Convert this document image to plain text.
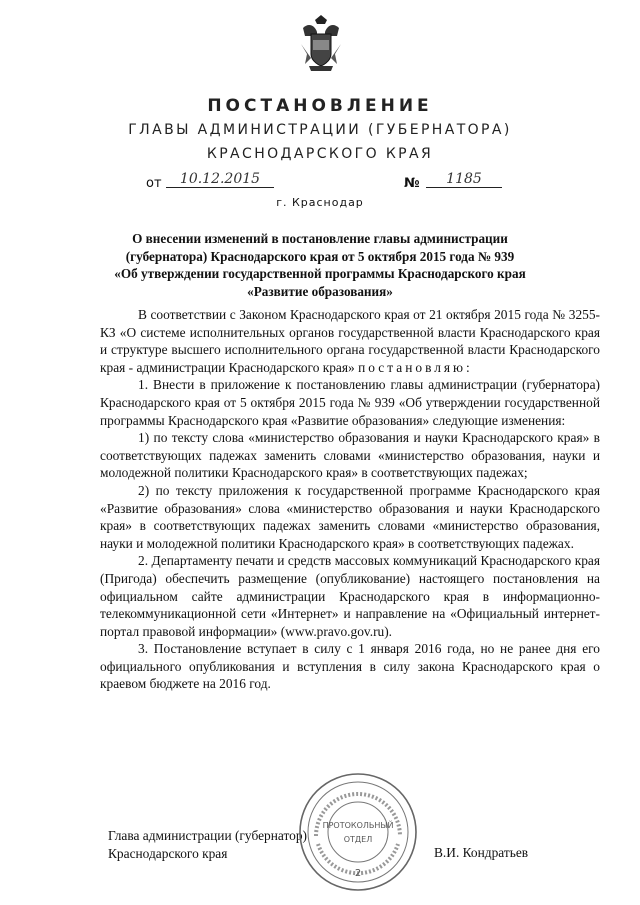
ПОСТАНОВЛЕНИЕ
ГЛАВЫ АДМИНИСТРАЦИИ (ГУБЕРНАТОРА)
КРАСНОДАРСКОГО КРАЯ
от	10.12.2015	№	1185
г. Краснодар
О внесении изменений в постановление главы администрации
(губернатора) Краснодарского края от 5 октября 2015 года № 939
«Об утверждении государственной программы Краснодарского края
«Развитие образования»

В соответствии с Законом Краснодарского края от 21 октября 2015 года № 3255-КЗ «О системе исполнительных органов государственной власти Краснодарского края и структуре высшего исполнительного органа государственной власти Краснодарского края - администрации Краснодарского края» постановляю:

1. Внести в приложение к постановлению главы администрации (губернатора) Краснодарского края от 5 октября 2015 года № 939 «Об утверждении государственной программы Краснодарского края «Развитие образования» следующие изменения:

1) по тексту слова «министерство образования и науки Краснодарского края» в соответствующих падежах заменить словами «министерство образования, науки и молодежной политики Краснодарского края» в соответствующих падежах;

2) по тексту приложения к государственной программе Краснодарского края «Развитие образования» слова «министерство образования и науки Краснодарского края» в соответствующих падежах заменить словами «министерство образования, науки и молодежной политики Краснодарского края» в соответствующих падежах.

2. Департаменту печати и средств массовых коммуникаций Краснодарского края (Пригода) обеспечить размещение (опубликование) настоящего постановления на официальном сайте администрации Краснодарского края в информационно-телекоммуникационной сети «Интернет» и направление на «Официальный интернет-портал правовой информации» (www.pravo.gov.ru).

3. Постановление вступает в силу с 1 января 2016 года, но не ранее дня его официального опубликования и вступления в силу закона Краснодарского края о краевом бюджете на 2016 год.

Глава администрации (губернатор)
Краснодарского края	В.И. Кондратьев
ПРОТОКОЛЬНЫЙ
ОТДЕЛ
2
